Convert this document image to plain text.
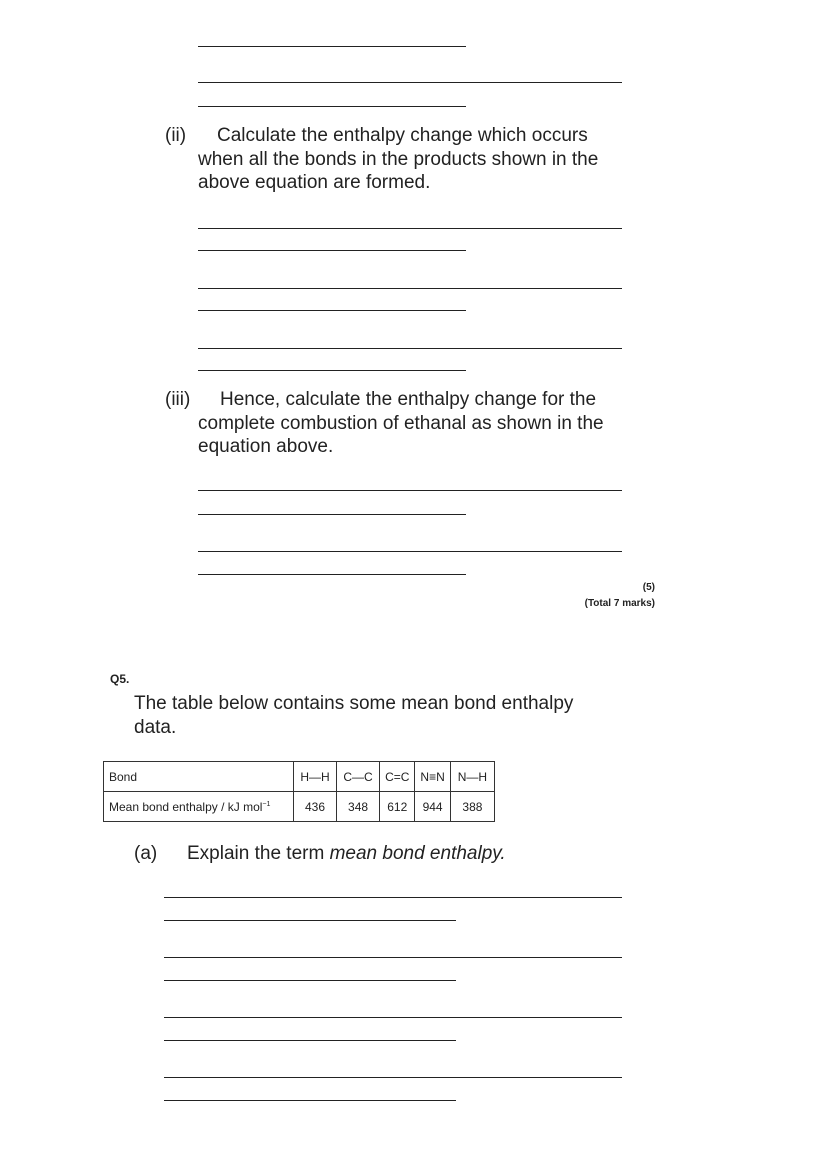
(ii)	Calculate the enthalpy change which occurs when all the bonds in the products shown in the above equation are formed.

(iii)	Hence, calculate the enthalpy change for the complete combustion of ethanal as shown in the equation above.

(5)
(Total 7 marks)
Q5.

The table below contains some mean bond enthalpy data.

Bond	H—H	C—C	C=C	N≡N	N—H
Mean bond enthalpy / kJ mol$^{-1}$	436	348	612	944	388
(a) Explain the term mean bond enthalpy.
